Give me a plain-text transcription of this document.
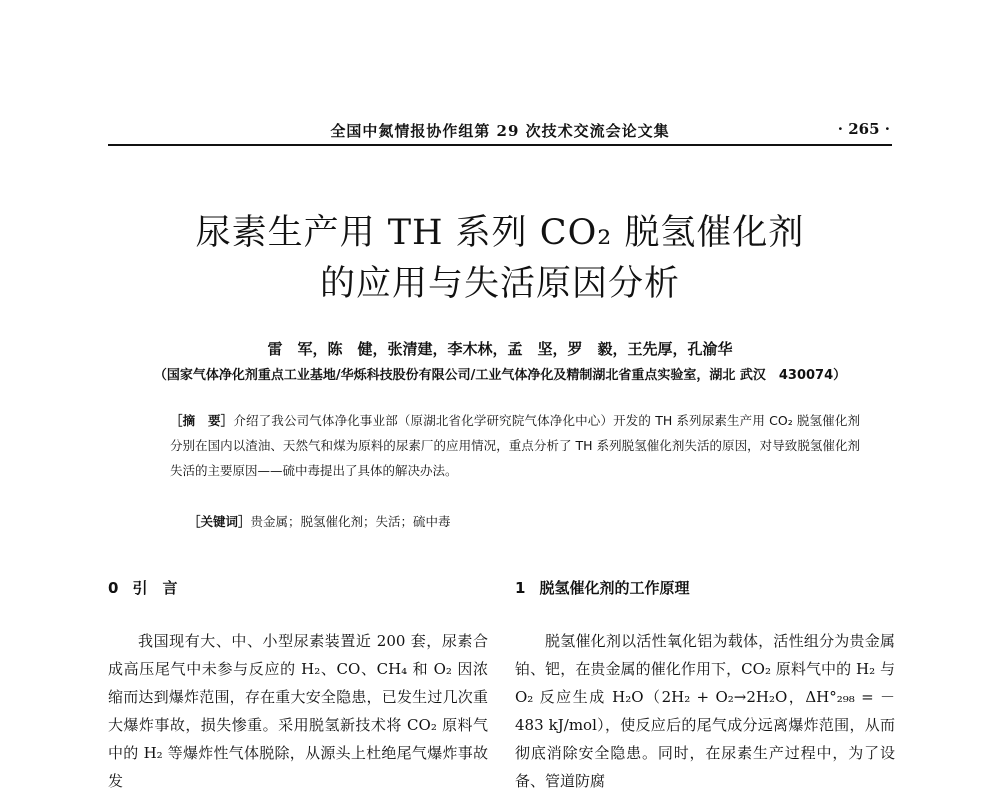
全国中氮情报协作组第 29 次技术交流会论文集	· 265 ·
尿素生产用 TH 系列 CO₂ 脱氢催化剂
的应用与失活原因分析
雷　军，陈　健，张清建，李木林，孟　坚，罗　毅，王先厚，孔渝华
（国家气体净化剂重点工业基地/华烁科技股份有限公司/工业气体净化及精制湖北省重点实验室，湖北 武汉　430074）
［摘　要］介绍了我公司气体净化事业部（原湖北省化学研究院气体净化中心）开发的 TH 系列尿素生产用 CO₂ 脱氢催化剂分别在国内以渣油、天然气和煤为原料的尿素厂的应用情况，重点分析了 TH 系列脱氢催化剂失活的原因，对导致脱氢催化剂失活的主要原因——硫中毒提出了具体的解决办法。
［关键词］贵金属；脱氢催化剂；失活；硫中毒
0 引　言

我国现有大、中、小型尿素装置近 200 套，尿素合成高压尾气中未参与反应的 H₂、CO、CH₄ 和 O₂ 因浓缩而达到爆炸范围，存在重大安全隐患，已发生过几次重大爆炸事故，损失惨重。采用脱氢新技术将 CO₂ 原料气中的 H₂ 等爆炸性气体脱除，从源头上杜绝尾气爆炸事故发

1 脱氢催化剂的工作原理

脱氢催化剂以活性氧化铝为载体，活性组分为贵金属铂、钯，在贵金属的催化作用下，CO₂ 原料气中的 H₂ 与 O₂ 反应生成 H₂O（2H₂ + O₂→2H₂O，ΔH°₂₉₈ = －483 kJ/mol），使反应后的尾气成分远离爆炸范围，从而彻底消除安全隐患。同时，在尿素生产过程中，为了设备、管道防腐
